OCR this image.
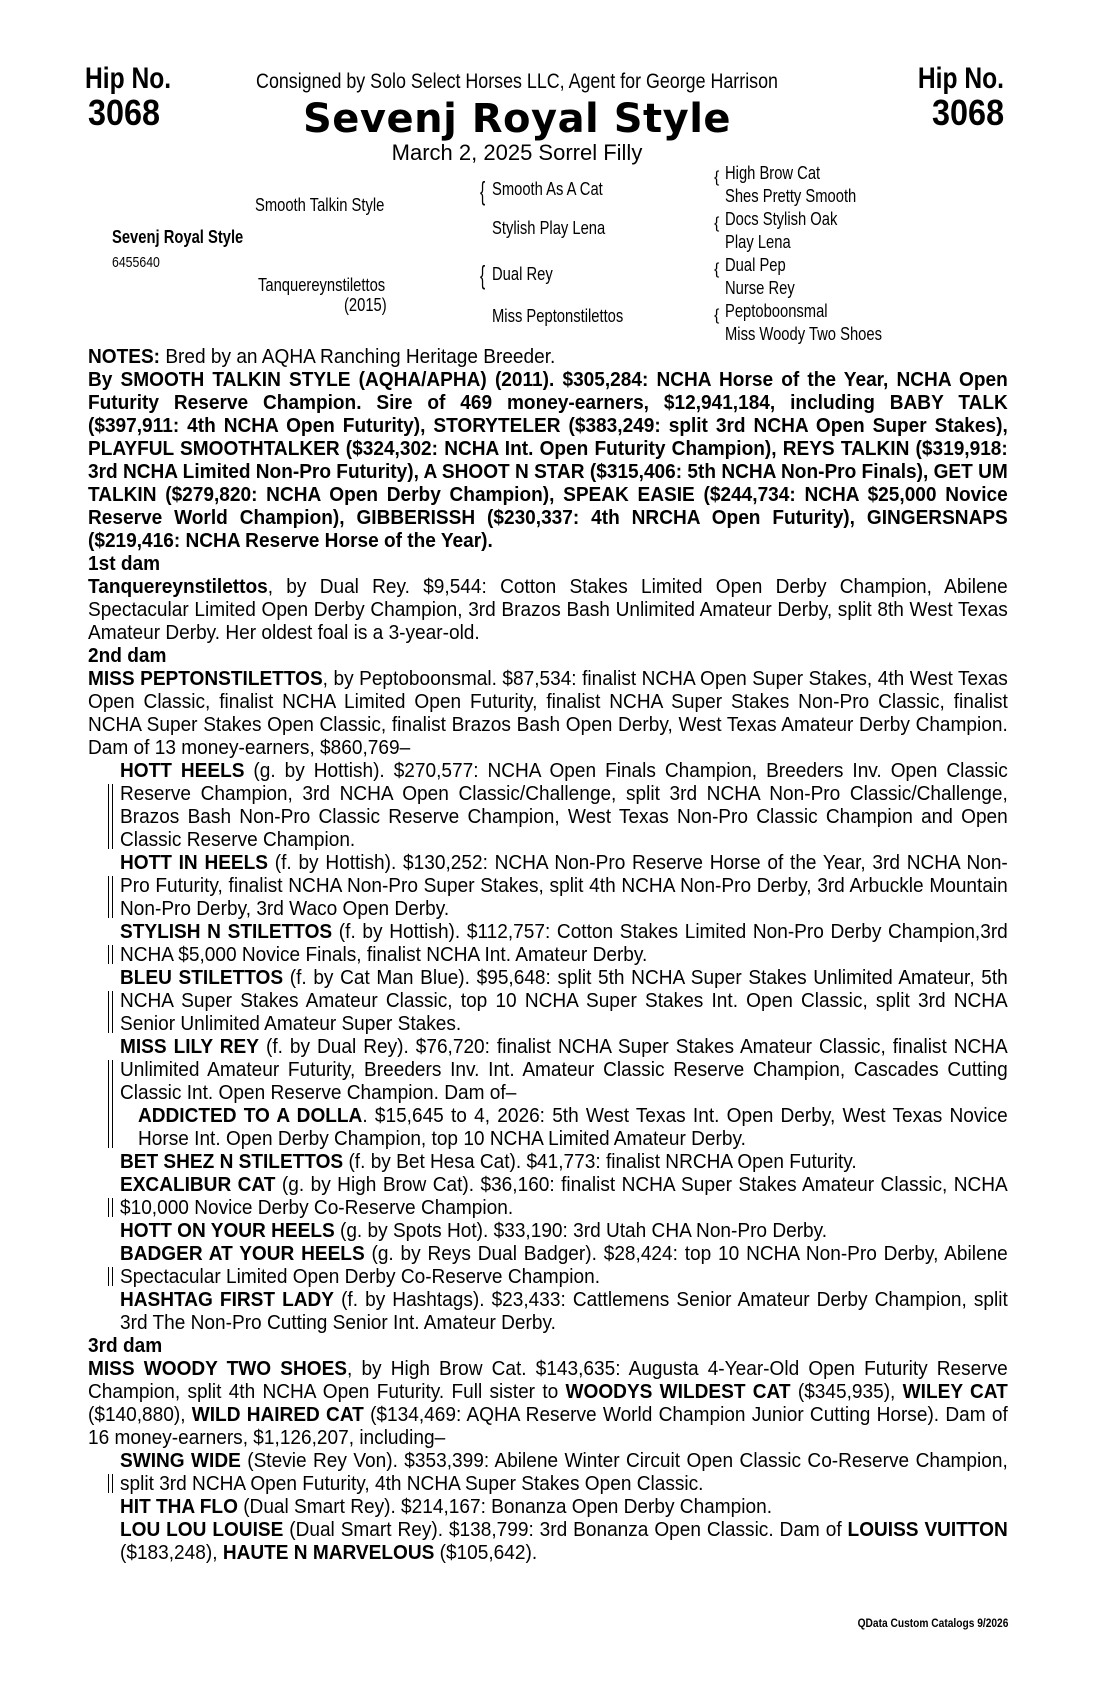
Hip No.
3068
Hip No.
3068
Consigned by Solo Select Horses LLC, Agent for George Harrison
Sevenj Royal Style
March 2, 2025 Sorrel Filly
Sevenj Royal Style
6455640
Smooth Talkin Style
Tanquereynstilettos
(2015)
{
{
Smooth As A Cat
Stylish Play Lena
Dual Rey
Miss Peptonstilettos
{
{
{
{
High Brow Cat
Shes Pretty Smooth
Docs Stylish Oak
Play Lena
Dual Pep
Nurse Rey
Peptoboonsmal
Miss Woody Two Shoes

NOTES: Bred by an AQHA Ranching Heritage Breeder.

By SMOOTH TALKIN STYLE (AQHA/APHA) (2011). $305,284: NCHA Horse of the Year, NCHA Open Futurity Reserve Champion. Sire of 469 money-earners, $12,941,184, including BABY TALK ($397,911: 4th NCHA Open Futurity), STORYTELER ($383,249: split 3rd NCHA Open Super Stakes), PLAYFUL SMOOTHTALKER ($324,302: NCHA Int. Open Futurity Champion), REYS TALKIN ($319,918: 3rd NCHA Limited Non-Pro Futurity), A SHOOT N STAR ($315,406: 5th NCHA Non-Pro Finals), GET UM TALKIN ($279,820: NCHA Open Derby Champion), SPEAK EASIE ($244,734: NCHA $25,000 Novice Reserve World Champion), GIBBERISSH ($230,337: 4th NRCHA Open Futurity), GINGERSNAPS ($219,416: NCHA Reserve Horse of the Year).

1st dam

Tanquereynstilettos, by Dual Rey. $9,544: Cotton Stakes Limited Open Derby Champion, Abilene Spectacular Limited Open Derby Champion, 3rd Brazos Bash Unlimited Amateur Derby, split 8th West Texas Amateur Derby. Her oldest foal is a 3-year-old.

2nd dam

MISS PEPTONSTILETTOS, by Peptoboonsmal. $87,534: finalist NCHA Open Super Stakes, 4th West Texas Open Classic, finalist NCHA Limited Open Futurity, finalist NCHA Super Stakes Non-Pro Classic, finalist NCHA Super Stakes Open Classic, finalist Brazos Bash Open Derby, West Texas Amateur Derby Champion. Dam of 13 money-earners, $860,769–

HOTT HEELS (g. by Hottish). $270,577: NCHA Open Finals Champion, Breeders Inv. Open Classic Reserve Champion, 3rd NCHA Open Classic/Challenge, split 3rd NCHA Non-Pro Classic/Challenge, Brazos Bash Non-Pro Classic Reserve Champion, West Texas Non-Pro Classic Champion and Open Classic Reserve Champion.

HOTT IN HEELS (f. by Hottish). $130,252: NCHA Non-Pro Reserve Horse of the Year, 3rd NCHA Non-Pro Futurity, finalist NCHA Non-Pro Super Stakes, split 4th NCHA Non-Pro Derby, 3rd Arbuckle Mountain Non-Pro Derby, 3rd Waco Open Derby.

STYLISH N STILETTOS (f. by Hottish). $112,757: Cotton Stakes Limited Non-Pro Derby Champion,3rd NCHA $5,000 Novice Finals, finalist NCHA Int. Amateur Derby.

BLEU STILETTOS (f. by Cat Man Blue). $95,648: split 5th NCHA Super Stakes Unlimited Amateur, 5th NCHA Super Stakes Amateur Classic, top 10 NCHA Super Stakes Int. Open Classic, split 3rd NCHA Senior Unlimited Amateur Super Stakes.

MISS LILY REY (f. by Dual Rey). $76,720: finalist NCHA Super Stakes Amateur Classic, finalist NCHA Unlimited Amateur Futurity, Breeders Inv. Int. Amateur Classic Reserve Champion, Cascades Cutting Classic Int. Open Reserve Champion. Dam of–

ADDICTED TO A DOLLA. $15,645 to 4, 2026: 5th West Texas Int. Open Derby, West Texas Novice Horse Int. Open Derby Champion, top 10 NCHA Limited Amateur Derby.

BET SHEZ N STILETTOS (f. by Bet Hesa Cat). $41,773: finalist NRCHA Open Futurity.

EXCALIBUR CAT (g. by High Brow Cat). $36,160: finalist NCHA Super Stakes Amateur Classic, NCHA $10,000 Novice Derby Co-Reserve Champion.

HOTT ON YOUR HEELS (g. by Spots Hot). $33,190: 3rd Utah CHA Non-Pro Derby.

BADGER AT YOUR HEELS (g. by Reys Dual Badger). $28,424: top 10 NCHA Non-Pro Derby, Abilene Spectacular Limited Open Derby Co-Reserve Champion.

HASHTAG FIRST LADY (f. by Hashtags). $23,433: Cattlemens Senior Amateur Derby Champion, split 3rd The Non-Pro Cutting Senior Int. Amateur Derby.

3rd dam

MISS WOODY TWO SHOES, by High Brow Cat. $143,635: Augusta 4-Year-Old Open Futurity Reserve Champion, split 4th NCHA Open Futurity. Full sister to WOODYS WILDEST CAT ($345,935), WILEY CAT ($140,880), WILD HAIRED CAT ($134,469: AQHA Reserve World Champion Junior Cutting Horse). Dam of 16 money-earners, $1,126,207, including–

SWING WIDE (Stevie Rey Von). $353,399: Abilene Winter Circuit Open Classic Co-Reserve Champion, split 3rd NCHA Open Futurity, 4th NCHA Super Stakes Open Classic.

HIT THA FLO (Dual Smart Rey). $214,167: Bonanza Open Derby Champion.

LOU LOU LOUISE (Dual Smart Rey). $138,799: 3rd Bonanza Open Classic. Dam of LOUISS VUITTON ($183,248), HAUTE N MARVELOUS ($105,642).

QData Custom Catalogs 9/2026
